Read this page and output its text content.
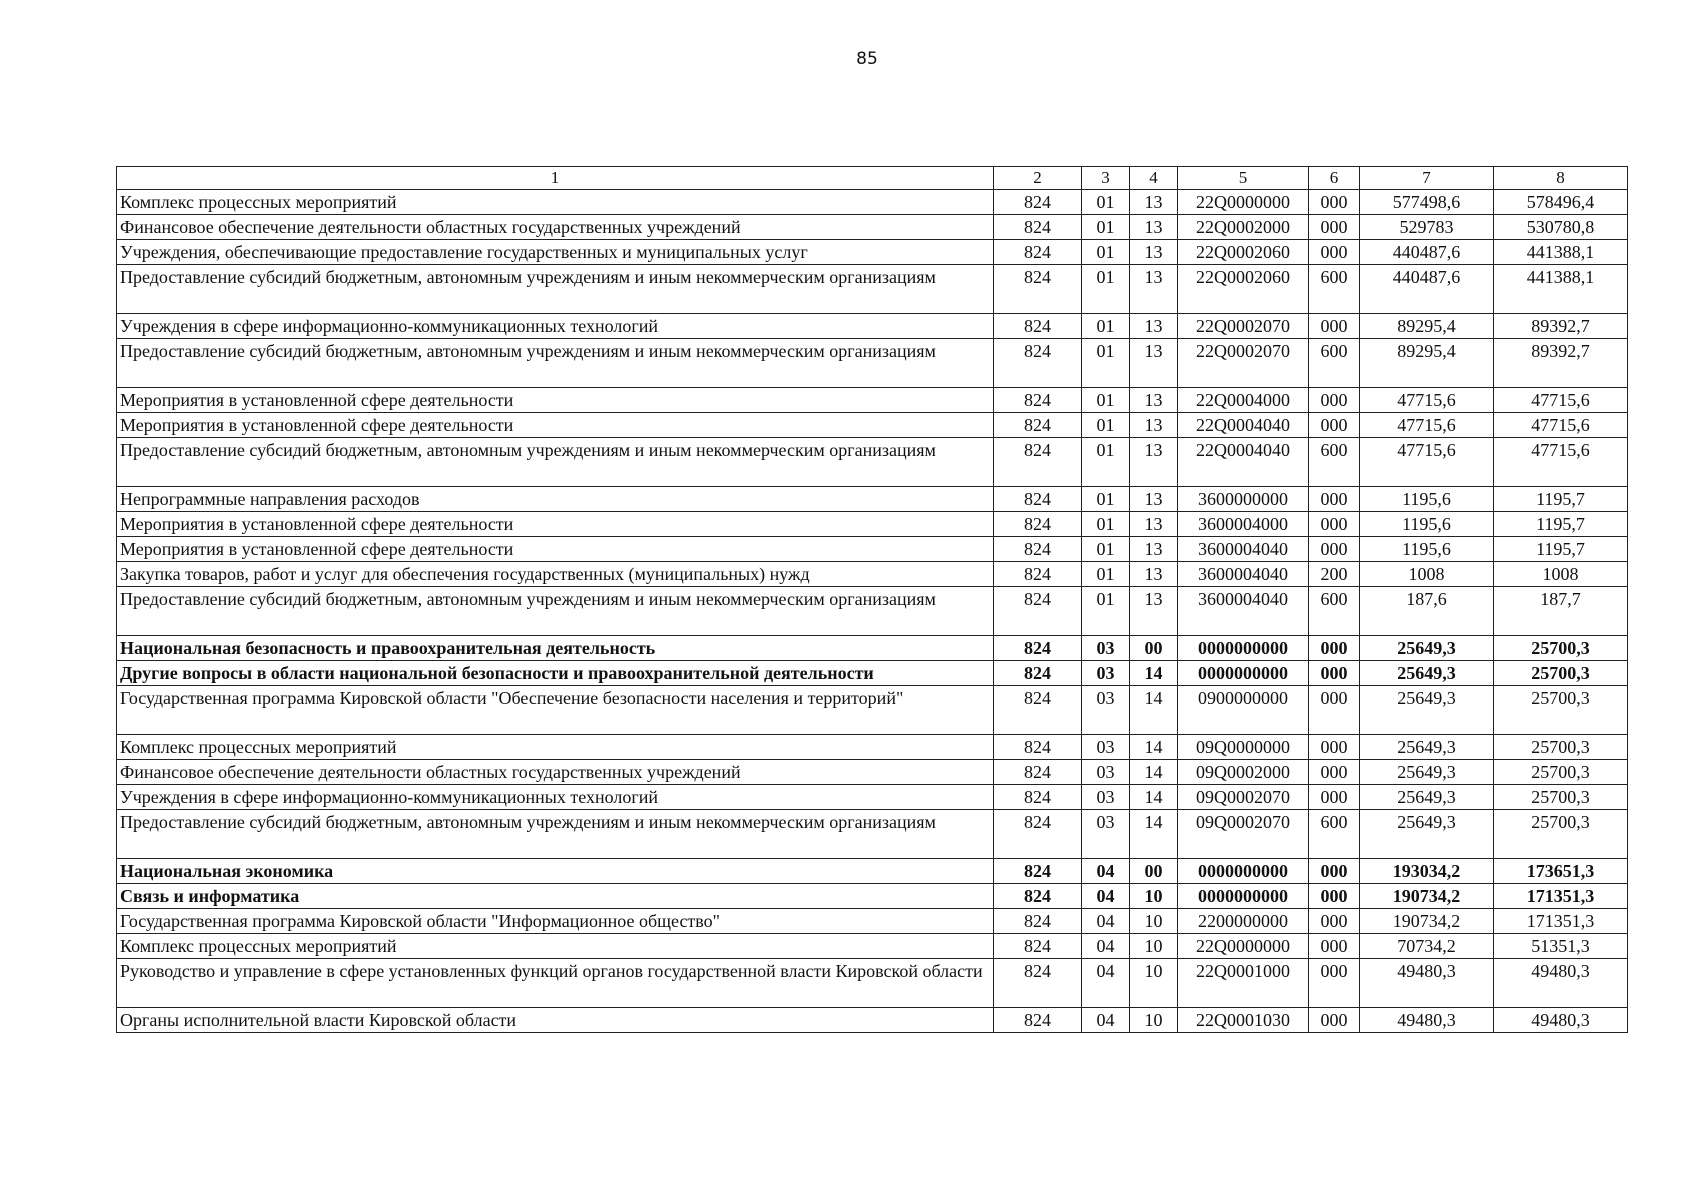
85
1	2	3	4	5	6	7	8
Комплекс процессных мероприятий	824	01	13	22Q0000000	000	577498,6	578496,4
Финансовое обеспечение деятельности областных государственных учреждений	824	01	13	22Q0002000	000	529783	530780,8
Учреждения, обеспечивающие предоставление государственных и муниципальных услуг	824	01	13	22Q0002060	000	440487,6	441388,1
Предоставление субсидий бюджетным, автономным учреждениям и иным некоммерческим организациям	824	01	13	22Q0002060	600	440487,6	441388,1
Учреждения в сфере информационно-коммуникационных технологий	824	01	13	22Q0002070	000	89295,4	89392,7
Предоставление субсидий бюджетным, автономным учреждениям и иным некоммерческим организациям	824	01	13	22Q0002070	600	89295,4	89392,7
Мероприятия в установленной сфере деятельности	824	01	13	22Q0004000	000	47715,6	47715,6
Мероприятия в установленной сфере деятельности	824	01	13	22Q0004040	000	47715,6	47715,6
Предоставление субсидий бюджетным, автономным учреждениям и иным некоммерческим организациям	824	01	13	22Q0004040	600	47715,6	47715,6
Непрограммные направления расходов	824	01	13	3600000000	000	1195,6	1195,7
Мероприятия в установленной сфере деятельности	824	01	13	3600004000	000	1195,6	1195,7
Мероприятия в установленной сфере деятельности	824	01	13	3600004040	000	1195,6	1195,7
Закупка товаров, работ и услуг для обеспечения государственных (муниципальных) нужд	824	01	13	3600004040	200	1008	1008
Предоставление субсидий бюджетным, автономным учреждениям и иным некоммерческим организациям	824	01	13	3600004040	600	187,6	187,7
Национальная безопасность и правоохранительная деятельность	824	03	00	0000000000	000	25649,3	25700,3
Другие вопросы в области национальной безопасности и правоохранительной деятельности	824	03	14	0000000000	000	25649,3	25700,3
Государственная программа Кировской области "Обеспечение безопасности населения и территорий"	824	03	14	0900000000	000	25649,3	25700,3
Комплекс процессных мероприятий	824	03	14	09Q0000000	000	25649,3	25700,3
Финансовое обеспечение деятельности областных государственных учреждений	824	03	14	09Q0002000	000	25649,3	25700,3
Учреждения в сфере информационно-коммуникационных технологий	824	03	14	09Q0002070	000	25649,3	25700,3
Предоставление субсидий бюджетным, автономным учреждениям и иным некоммерческим организациям	824	03	14	09Q0002070	600	25649,3	25700,3
Национальная экономика	824	04	00	0000000000	000	193034,2	173651,3
Связь и информатика	824	04	10	0000000000	000	190734,2	171351,3
Государственная программа Кировской области "Информационное общество"	824	04	10	2200000000	000	190734,2	171351,3
Комплекс процессных мероприятий	824	04	10	22Q0000000	000	70734,2	51351,3
Руководство и управление в сфере установленных функций органов государственной власти Кировской области	824	04	10	22Q0001000	000	49480,3	49480,3
Органы исполнительной власти Кировской области	824	04	10	22Q0001030	000	49480,3	49480,3
